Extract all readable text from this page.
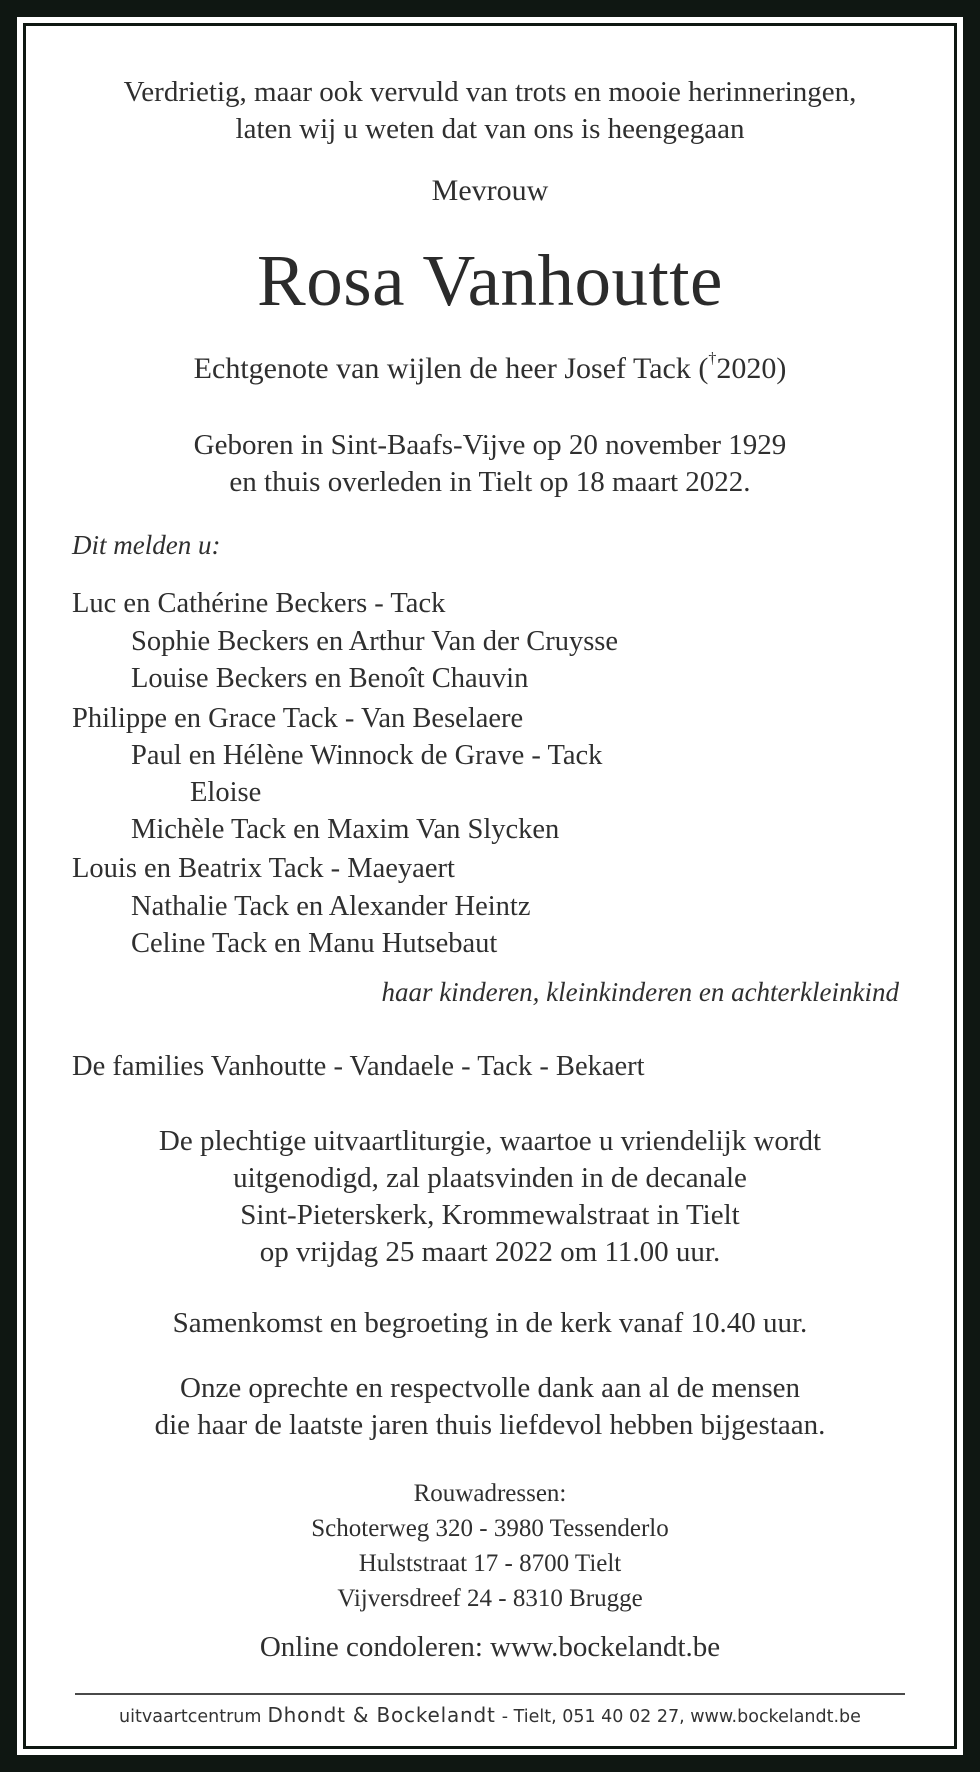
Verdrietig, maar ook vervuld van trots en mooie herinneringen,
laten wij u weten dat van ons is heengegaan
Mevrouw
Rosa Vanhoutte
Echtgenote van wijlen de heer Josef Tack (†2020)
Geboren in Sint-Baafs-Vijve op 20 november 1929
en thuis overleden in Tielt op 18 maart 2022.
Dit melden u:
Luc en Cathérine Beckers - Tack
Sophie Beckers en Arthur Van der Cruysse
Louise Beckers en Benoît Chauvin
Philippe en Grace Tack - Van Beselaere
Paul en Hélène Winnock de Grave - Tack
Eloise
Michèle Tack en Maxim Van Slycken
Louis en Beatrix Tack - Maeyaert
Nathalie Tack en Alexander Heintz
Celine Tack en Manu Hutsebaut
haar kinderen, kleinkinderen en achterkleinkind
De families Vanhoutte - Vandaele - Tack - Bekaert
De plechtige uitvaartliturgie, waartoe u vriendelijk wordt
uitgenodigd, zal plaatsvinden in de decanale
Sint-Pieterskerk, Krommewalstraat in Tielt
op vrijdag 25 maart 2022 om 11.00 uur.
Samenkomst en begroeting in de kerk vanaf 10.40 uur.
Onze oprechte en respectvolle dank aan al de mensen
die haar de laatste jaren thuis liefdevol hebben bijgestaan.
Rouwadressen:
Schoterweg 320 - 3980 Tessenderlo
Hulststraat 17 - 8700 Tielt
Vijversdreef 24 - 8310 Brugge
Online condoleren: www.bockelandt.be
uitvaartcentrum Dhondt & Bockelandt - Tielt, 051 40 02 27, www.bockelandt.be
